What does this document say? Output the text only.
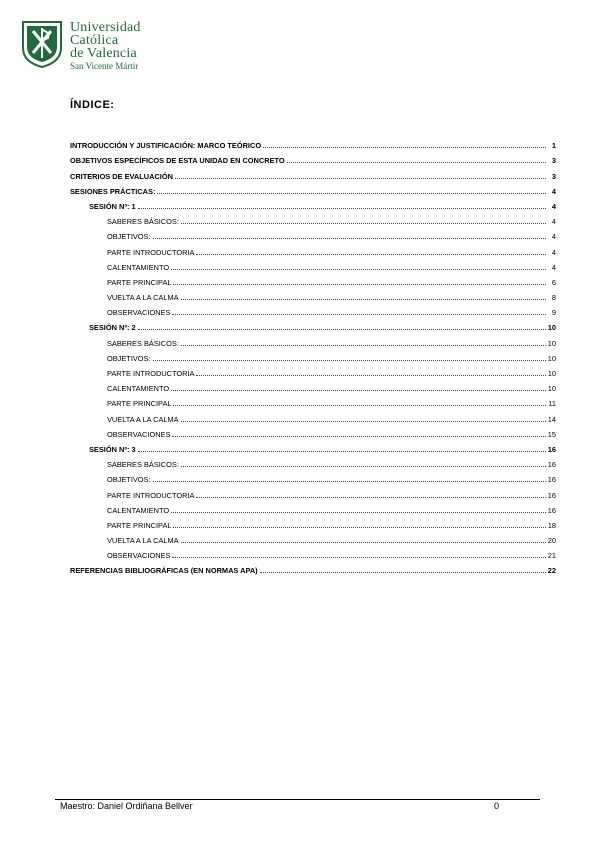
Universidad
Católica
de Valencia
San Vicente Mártir
ÍNDICE:
INTRODUCCIÓN Y JUSTIFICACIÓN: MARCO TEÓRICO	1
OBJETIVOS ESPECÍFICOS DE ESTA UNIDAD EN CONCRETO	3
CRITERIOS DE EVALUACIÓN	3
SESIONES PRÁCTICAS:	4
SESIÓN Nº: 1	4
SABERES BÁSICOS:	4
OBJETIVOS:	4
PARTE INTRODUCTORIA	4
CALENTAMIENTO	4
PARTE PRINCIPAL	6
VUELTA A LA CALMA	8
OBSERVACIONES	9
SESIÓN Nº: 2	10
SABERES BÁSICOS:	10
OBJETIVOS:	10
PARTE INTRODUCTORIA	10
CALENTAMIENTO	10
PARTE PRINCIPAL	11
VUELTA A LA CALMA	14
OBSERVACIONES	15
SESIÓN Nº: 3	16
SABERES BÁSICOS:	16
OBJETIVOS:	16
PARTE INTRODUCTORIA	16
CALENTAMIENTO	16
PARTE PRINCIPAL	18
VUELTA A LA CALMA	20
OBSERVACIONES	21
REFERENCIAS BIBLIOGRÁFICAS (EN NORMAS APA)	22
Maestro: Daniel Ordiñana Bellver	0
